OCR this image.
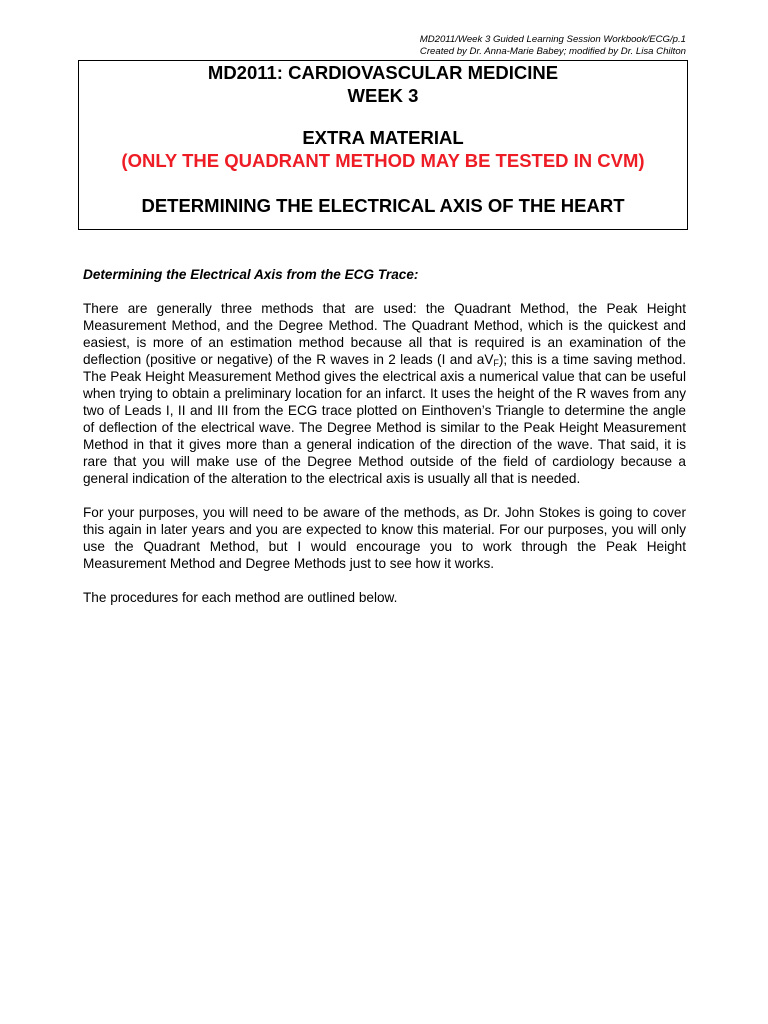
MD2011/Week 3 Guided Learning Session Workbook/ECG/p.1
Created by Dr. Anna-Marie Babey; modified by Dr. Lisa Chilton
MD2011: CARDIOVASCULAR MEDICINE
WEEK 3
EXTRA MATERIAL
(ONLY THE QUADRANT METHOD MAY BE TESTED IN CVM)
DETERMINING THE ELECTRICAL AXIS OF THE HEART
Determining the Electrical Axis from the ECG Trace:

There are generally three methods that are used: the Quadrant Method, the Peak Height Measurement Method, and the Degree Method. The Quadrant Method, which is the quickest and easiest, is more of an estimation method because all that is required is an examination of the deflection (positive or negative) of the R waves in 2 leads (I and $aV_F$); this is a time saving method. The Peak Height Measurement Method gives the electrical axis a numerical value that can be useful when trying to obtain a preliminary location for an infarct. It uses the height of the R waves from any two of Leads I, II and III from the ECG trace plotted on Einthoven’s Triangle to determine the angle of deflection of the electrical wave. The Degree Method is similar to the Peak Height Measurement Method in that it gives more than a general indication of the direction of the wave. That said, it is rare that you will make use of the Degree Method outside of the field of cardiology because a general indication of the alteration to the electrical axis is usually all that is needed.

For your purposes, you will need to be aware of the methods, as Dr. John Stokes is going to cover this again in later years and you are expected to know this material. For our purposes, you will only use the Quadrant Method, but I would encourage you to work through the Peak Height Measurement Method and Degree Methods just to see how it works.

The procedures for each method are outlined below.
